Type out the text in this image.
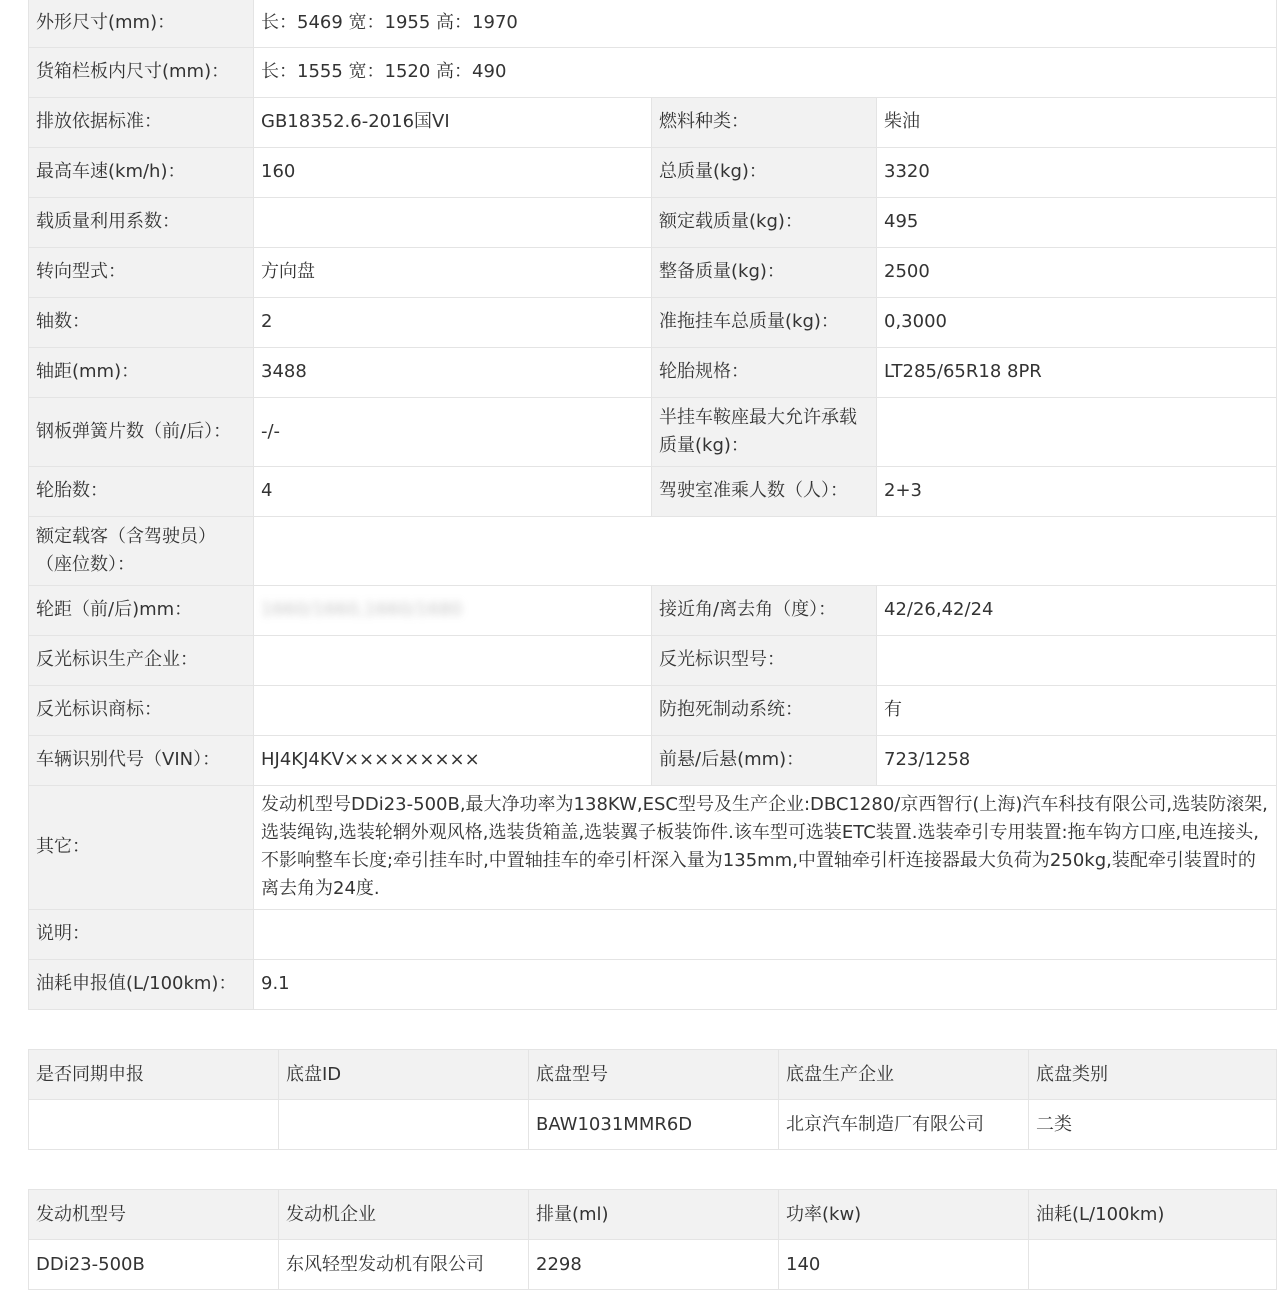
外形尺寸(mm)：	长：5469 宽：1955 高：1970		
货箱栏板内尺寸(mm)：	长：1555 宽：1520 高：490		
排放依据标准：	GB18352.6-2016国VI	燃料种类：	柴油
最高车速(km/h)：	160	总质量(kg)：	3320
载质量利用系数：		额定载质量(kg)：	495
转向型式：	方向盘	整备质量(kg)：	2500
轴数：	2	准拖挂车总质量(kg)：	0,3000
轴距(mm)：	3488	轮胎规格：	LT285/65R18 8PR
钢板弹簧片数（前/后）：	-/-	半挂车鞍座最大允许承载
质量(kg)：	

轮胎数：	4	驾驶室准乘人数（人）：	2+3

额定载客（含驾驶员）
（座位数）：			

轮距（前/后)mm：	1660/1660,1660/1680	接近角/离去角（度）：	42/26,42/24
反光标识生产企业：		反光标识型号：	
反光标识商标：		防抱死制动系统：	有
车辆识别代号（VIN）：	HJ4KJ4KV×××××××××	前悬/后悬(mm)：	723/1258
其它：	发动机型号DDi23-500B,最大净功率为138KW,ESC型号及生产企业:DBC1280/京西智行(上海)汽车科技有限公司,选装防滚架,
选装绳钩,选装轮辋外观风格,选装货箱盖,选装翼子板装饰件.该车型可选装ETC装置.选装牵引专用装置:拖车钩方口座,电连接头,
不影响整车长度;牵引挂车时,中置轴挂车的牵引杆深入量为135mm,中置轴牵引杆连接器最大负荷为250kg,装配牵引装置时的
离去角为24度.		

说明：			
油耗申报值(L/100km)：	9.1		
是否同期申报	底盘ID	底盘型号	底盘生产企业	底盘类别
		BAW1031MMR6D	北京汽车制造厂有限公司	二类
发动机型号	发动机企业	排量(ml)	功率(kw)	油耗(L/100km)
DDi23-500B	东风轻型发动机有限公司	2298	140	
